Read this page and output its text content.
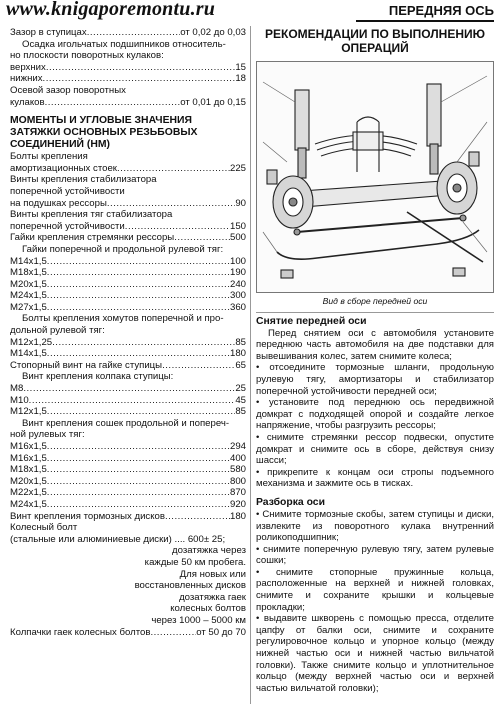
www.knigaporemontu.ru	ПЕРЕДНЯЯ ОСЬ
Зазор в ступицах .....	от 0,02 до 0,03
Осадка игольчатых подшипников относитель-
но плоскости поворотных кулаков:
верхних .....	15
нижних .....	18
Осевой зазор поворотных
кулаков .....	от 0,01 до 0,15
МОМЕНТЫ И УГЛОВЫЕ ЗНАЧЕНИЯ
ЗАТЯЖКИ ОСНОВНЫХ РЕЗЬБОВЫХ
СОЕДИНЕНИЙ (НМ)
Болты крепления
амортизационных стоек .....	225
Винты крепления стабилизатора
поперечной устойчивости
на подушках рессоры .....	90
Винты крепления тяг стабилизатора
поперечной устойчивости .....	150
Гайки крепления стремянки рессоры .....	500
Гайки поперечной и продольной рулевой тяг:
М14х1,5 .....	100
М18х1,5 .....	190
М20х1,5 .....	240
М24х1,5 .....	300
М27х1,5 .....	360
Болты крепления хомутов поперечной и про-
дольной рулевой тяг:
М12х1,25 .....	85
М14х1,5 .....	180
Стопорный винт на гайке ступицы .....	65
Винт крепления колпака ступицы:
М8 .....	25
М10 .....	45
М12х1,5 .....	85
Винт крепления сошек продольной и попереч-
ной рулевых тяг:
М16х1,5 .....	294
М16х1,5 .....	400
М18х1,5 .....	580
М20х1,5 .....	800
М22х1,5 .....	870
М24х1,5 .....	920
Винт крепления тормозных дисков .....	180
Колесный болт
(стальные или алюминиевые диски) .... 600± 25;
дозатяжка через
каждые 50 км пробега.
Для новых или
восстановленных дисков
дозатяжка гаек
колесных болтов
через 1000 – 5000 км
Колпачки гаек колесных болтов .....	от 50 до 70
РЕКОМЕНДАЦИИ ПО ВЫПОЛНЕНИЮ
ОПЕРАЦИЙ
Вид в сборе передней оси
Снятие передней оси

Перед снятием оси с автомобиля установите переднюю часть автомобиля на две подставки для вывешивания колес, затем снимите колеса;

• отсоедините тормозные шланги, продольную рулевую тягу, амортизаторы и стабилизатор поперечной устойчивости передней оси;

• установите под переднюю ось передвижной домкрат с подходящей опорой и создайте легкое напряжение, чтобы разгрузить рессоры;

• снимите стремянки рессор подвески, опустите домкрат и снимите ось в сборе, действуя снизу шасси;

• прикрепите к концам оси стропы подъемного механизма и зажмите ось в тисках.

Разборка оси

• Снимите тормозные скобы, затем ступицы и диски, извлеките из поворотного кулака внутренний роликоподшипник;

• снимите поперечную рулевую тягу, затем рулевые сошки;

• снимите стопорные пружинные кольца, расположенные на верхней и нижней головках, снимите и сохраните крышки и кольцевые прокладки;

• выдавите шкворень с помощью пресса, отделите цапфу от балки оси, снимите и сохраните регулировочное кольцо и упорное кольцо (между нижней частью оси и нижней частью вильчатой головки). Также снимите кольцо и уплотнительное кольцо (между верхней частью оси и верхней частью вильчатой головки);
